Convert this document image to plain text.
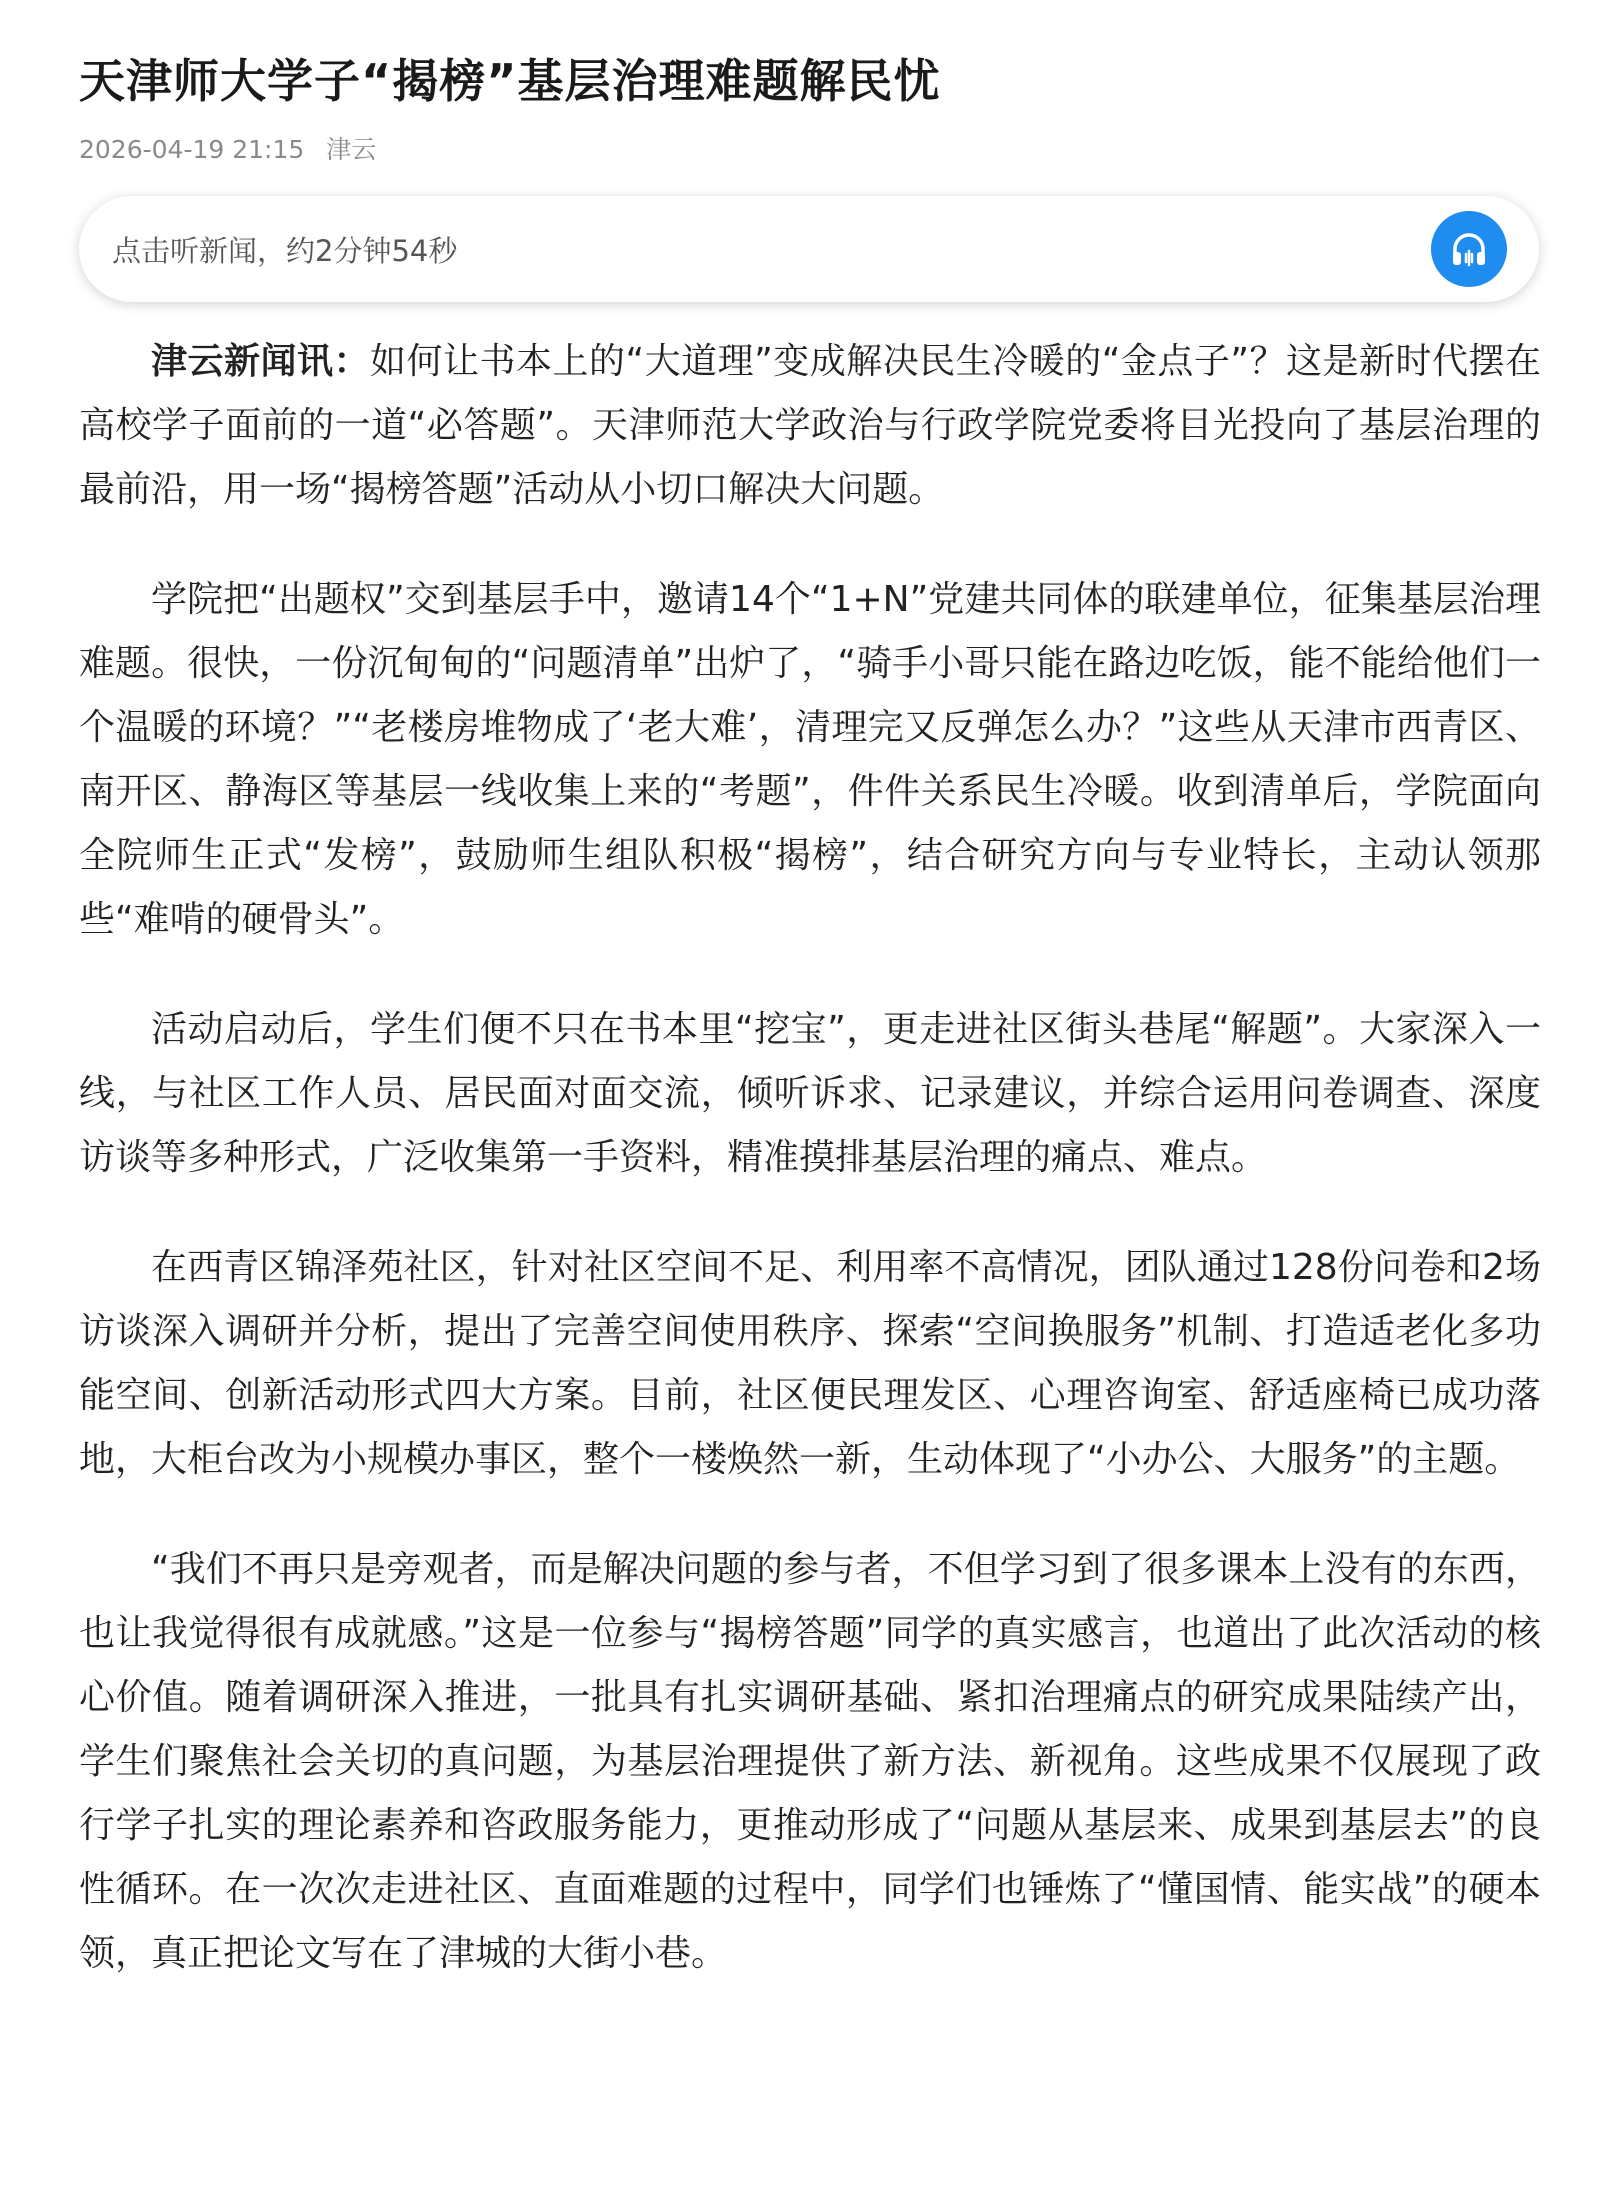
天津师大学子“揭榜”基层治理难题解民忧
2026-04-19 21:15 津云
点击听新闻，约2分钟54秒

津云新闻讯：如何让书本上的“大道理”变成解决民生冷暖的“金点子”？这是新时代摆在高校学子面前的一道“必答题”。天津师范大学政治与行政学院党委将目光投向了基层治理的最前沿，用一场“揭榜答题”活动从小切口解决大问题。

学院把“出题权”交到基层手中，邀请14个“1+N”党建共同体的联建单位，征集基层治理难题。很快，一份沉甸甸的“问题清单”出炉了，“骑手小哥只能在路边吃饭，能不能给他们一个温暖的环境？”“老楼房堆物成了‘老大难’，清理完又反弹怎么办？”这些从天津市西青区、南开区、静海区等基层一线收集上来的“考题”，件件关系民生冷暖。收到清单后，学院面向全院师生正式“发榜”，鼓励师生组队积极“揭榜”，结合研究方向与专业特长，主动认领那些“难啃的硬骨头”。

活动启动后，学生们便不只在书本里“挖宝”，更走进社区街头巷尾“解题”。大家深入一线，与社区工作人员、居民面对面交流，倾听诉求、记录建议，并综合运用问卷调查、深度访谈等多种形式，广泛收集第一手资料，精准摸排基层治理的痛点、难点。

在西青区锦泽苑社区，针对社区空间不足、利用率不高情况，团队通过128份问卷和2场访谈深入调研并分析，提出了完善空间使用秩序、探索“空间换服务”机制、打造适老化多功能空间、创新活动形式四大方案。目前，社区便民理发区、心理咨询室、舒适座椅已成功落地，大柜台改为小规模办事区，整个一楼焕然一新，生动体现了“小办公、大服务”的主题。

“我们不再只是旁观者，而是解决问题的参与者，不但学习到了很多课本上没有的东西，也让我觉得很有成就感。”这是一位参与“揭榜答题”同学的真实感言，也道出了此次活动的核心价值。随着调研深入推进，一批具有扎实调研基础、紧扣治理痛点的研究成果陆续产出，学生们聚焦社会关切的真问题，为基层治理提供了新方法、新视角。这些成果不仅展现了政行学子扎实的理论素养和咨政服务能力，更推动形成了“问题从基层来、成果到基层去”的良性循环。在一次次走进社区、直面难题的过程中，同学们也锤炼了“懂国情、能实战”的硬本领，真正把论文写在了津城的大街小巷。
